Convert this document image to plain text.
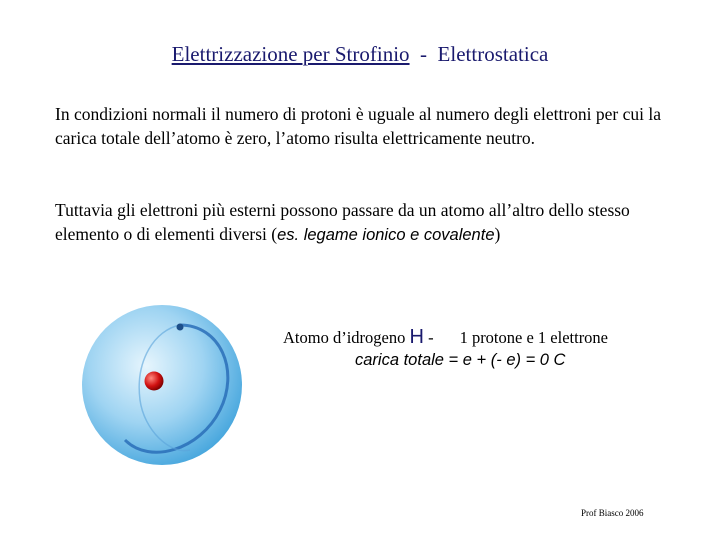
Elettrizzazione per Strofinio  -  Elettrostatica
In condizioni normali il numero di protoni è uguale al numero degli elettroni per cui la carica totale dell’atomo è zero, l’atomo risulta elettricamente neutro.
Tuttavia gli elettroni più esterni possono passare da un atomo all’altro dello stesso elemento o di elementi diversi (es. legame ionico e covalente)
Atomo d’idrogeno H - 1 protone e 1 elettrone
carica totale = e + (- e) = 0 C
Prof Biasco 2006
